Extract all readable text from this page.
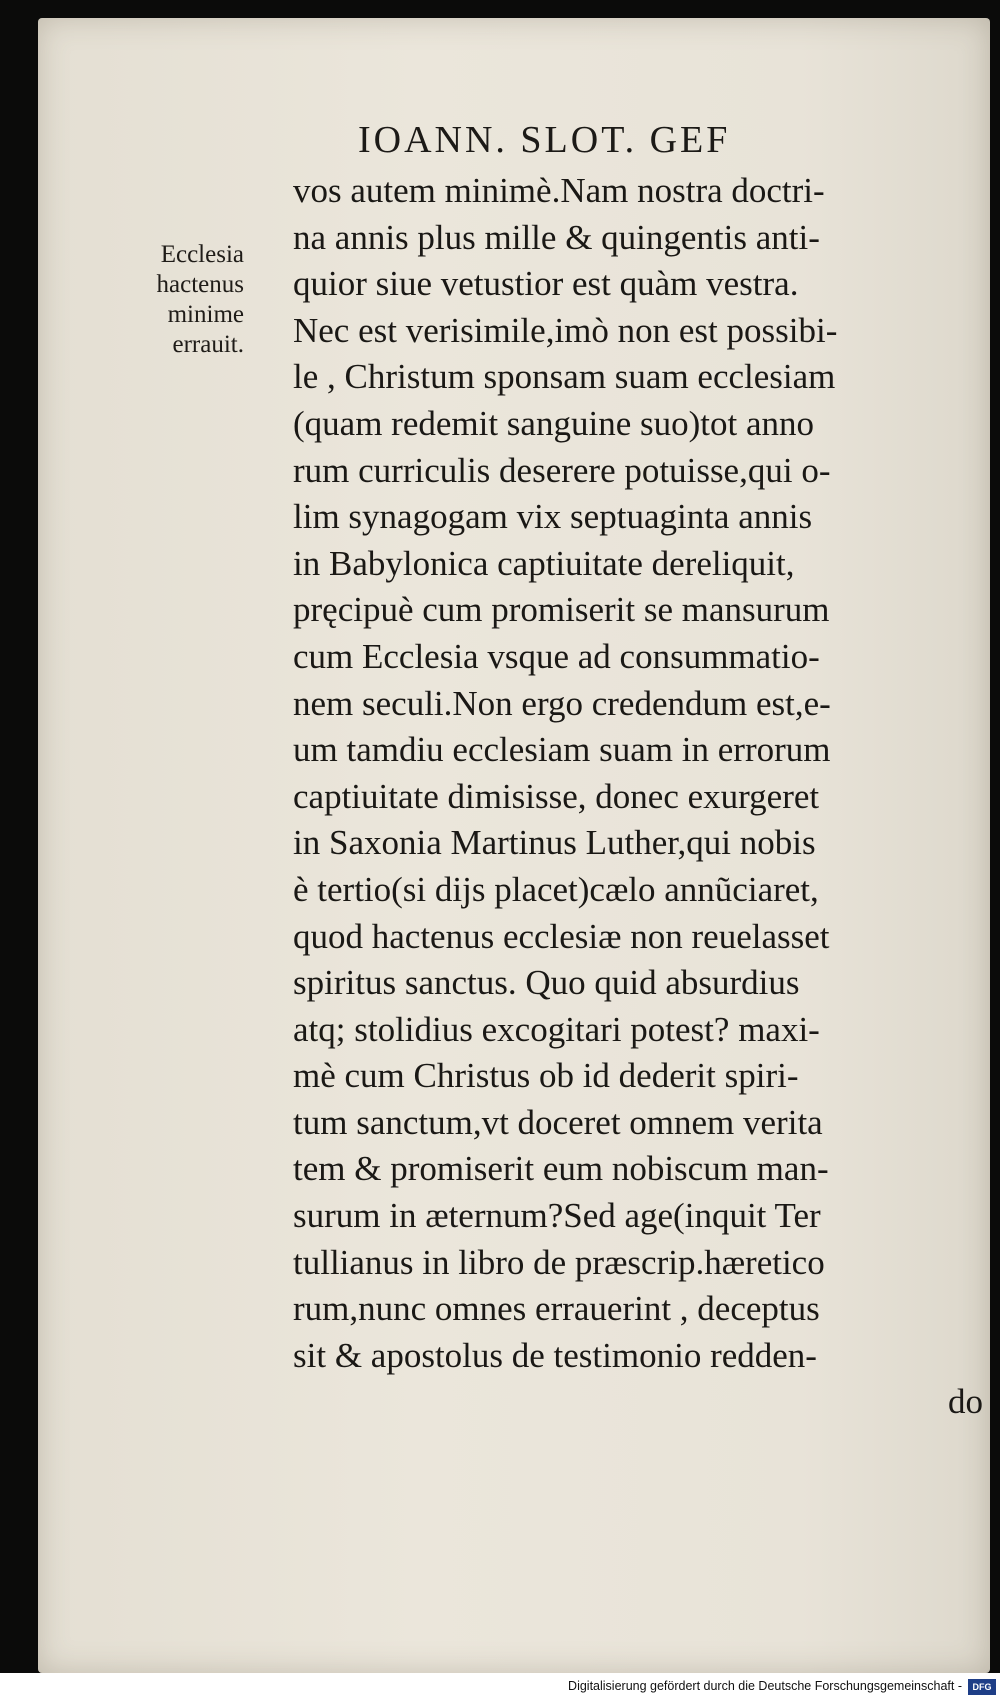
IOANN. SLOT. GEF
Ecclesia
hactenus
minime
errauit.
vos autem minimè.Nam nostra doctri-
na annis plus mille & quingentis anti-
quior siue vetustior est quàm vestra.
Nec est verisimile,imò non est possibi-
le , Christum sponsam suam ecclesiam
(quam redemit sanguine suo)tot anno
rum curriculis deserere potuisse,qui o-
lim synagogam vix septuaginta annis
in Babylonica captiuitate dereliquit,
pręcipuè cum promiserit se mansurum
cum Ecclesia vsque ad consummatio-
nem seculi.Non ergo credendum est,e-
um tamdiu ecclesiam suam in errorum
captiuitate dimisisse, donec exurgeret
in Saxonia Martinus Luther,qui nobis
è tertio(si dijs placet)cælo annũciaret,
quod hactenus ecclesiæ non reuelasset
spiritus sanctus. Quo quid absurdius
atq; stolidius excogitari potest? maxi-
mè cum Christus ob id dederit spiri-
tum sanctum,vt doceret omnem verita
tem & promiserit eum nobiscum man-
surum in æternum?Sed age(inquit Ter
tullianus in libro de præscrip.hæretico
rum,nunc omnes errauerint , deceptus
sit & apostolus de testimonio redden-
do
Digitalisierung gefördert durch die Deutsche Forschungsgemeinschaft -	DFG
